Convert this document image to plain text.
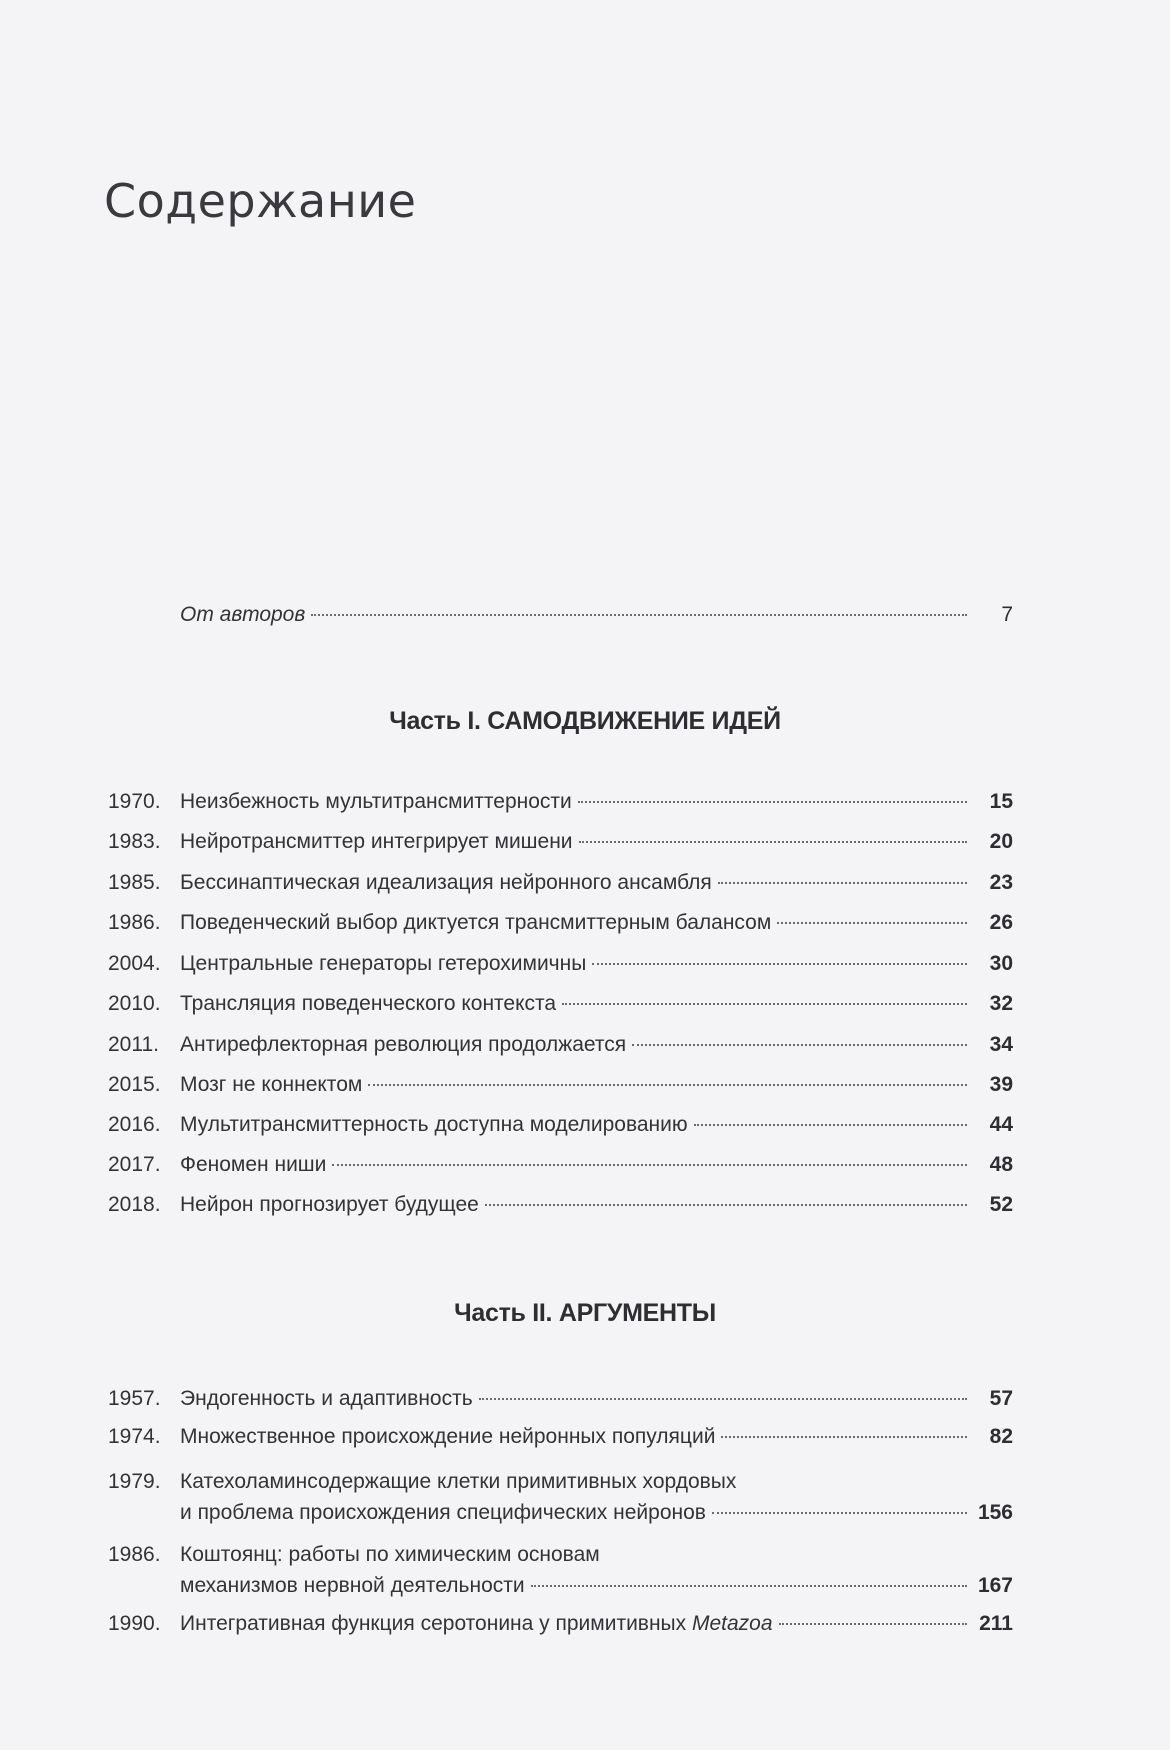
Содержание
От авторов	7
Часть I. САМОДВИЖЕНИЕ ИДЕЙ
1970. Неизбежность мультитрансмиттерности	15
1983. Нейротрансмиттер интегрирует мишени	20
1985. Бессинаптическая идеализация нейронного ансамбля	23
1986. Поведенческий выбор диктуется трансмиттерным балансом	26
2004. Центральные генераторы гетерохимичны	30
2010. Трансляция поведенческого контекста	32
2011.	Антирефлекторная революция продолжается	34
2015. Мозг не коннектом	39
2016. Мультитрансмиттерность доступна моделированию	44
2017. Феномен ниши	48
2018. Нейрон прогнозирует будущее	52
Часть II. АРГУМЕНТЫ
1957. Эндогенность и адаптивность	57
1974. Множественное происхождение нейронных популяций	82
1979. Катехоламинсодержащие клетки примитивных хордовых
и проблема происхождения специфических нейронов	156
1986. Коштоянц: работы по химическим основам
механизмов нервной деятельности	167
1990. Интегративная функция серотонина у примитивных Metazoa	211
